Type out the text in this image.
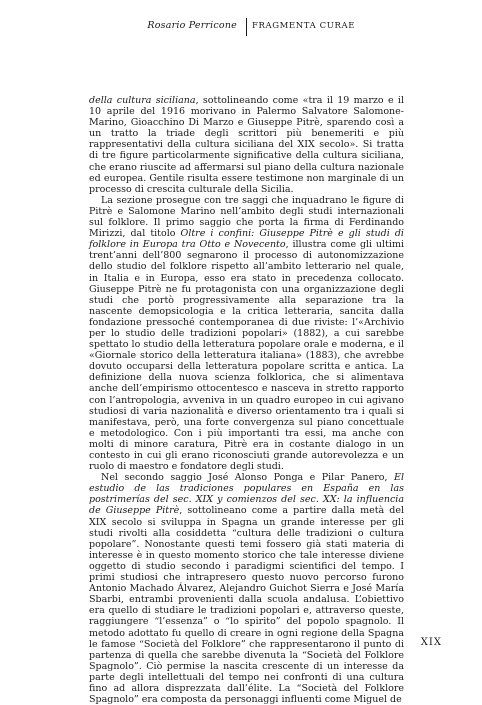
Rosario Perricone FRAGMENTA CURAE

della cultura siciliana, sottolineando come «tra il 19 marzo e il 10 aprile del 1916 morivano in Palermo Salvatore Salomone-Marino, Gioacchino Di Marzo e Giuseppe Pitrè, sparendo così a un tratto la triade degli scrittori più benemeriti e più rappresentativi della cultura siciliana del XIX secolo». Si tratta di tre figure particolarmente significative della cultura siciliana, che erano riuscite ad affermarsi sul piano della cultura nazionale ed europea. Gentile risulta essere testimone non marginale di un processo di crescita culturale della Sicilia.

La sezione prosegue con tre saggi che inquadrano le figure di Pitrè e Salomone Marino nell’ambito degli studi internazionali sul folklore. Il primo saggio che porta la firma di Ferdinando Mirizzi, dal titolo Oltre i confini: Giuseppe Pitrè e gli studi di folklore in Europa tra Otto e Novecento, illustra come gli ultimi trent’anni dell’800 segnarono il processo di autonomizzazione dello studio del folklore rispetto all’ambito letterario nel quale, in Italia e in Europa, esso era stato in precedenza collocato. Giuseppe Pitrè ne fu protagonista con una organizzazione degli studi che portò progressivamente alla separazione tra la nascente demopsicologia e la critica letteraria, sancita dalla fondazione pressoché contemporanea di due riviste: l’«Archivio per lo studio delle tradizioni popolari» (1882), a cui sarebbe spettato lo studio della letteratura popolare orale e moderna, e il «Giornale storico della letteratura italiana» (1883), che avrebbe dovuto occuparsi della letteratura popolare scritta e antica. La definizione della nuova scienza folklorica, che si alimentava anche dell’empirismo ottocentesco e nasceva in stretto rapporto con l’antropologia, avveniva in un quadro europeo in cui agivano studiosi di varia nazionalità e diverso orientamento tra i quali si manifestava, però, una forte convergenza sul piano concettuale e metodologico. Con i più importanti tra essi, ma anche con molti di minore caratura, Pitrè era in costante dialogo in un contesto in cui gli erano riconosciuti grande autorevolezza e un ruolo di maestro e fondatore degli studi.

Nel secondo saggio José Alonso Ponga e Pilar Panero, El estudio de las tradiciones populares en España en las postrimerías del sec. XIX y comienzos del sec. XX: la influencia de Giuseppe Pitrè, sottolineano come a partire dalla metà del XIX secolo si sviluppa in Spagna un grande interesse per gli studi rivolti alla cosiddetta “cultura delle tradizioni o cultura popolare”. Nonostante questi temi fossero già stati materia di interesse è in questo momento storico che tale interesse diviene oggetto di studio secondo i paradigmi scientifici del tempo. I primi studiosi che intrapresero questo nuovo percorso furono Antonio Machado Álvarez, Alejandro Guichot Sierra e José María Sbarbi, entrambi provenienti dalla scuola andalusa. L’obiettivo era quello di studiare le tradizioni popolari e, attraverso queste, raggiungere “l’essenza” o “lo spirito” del popolo spagnolo. Il metodo adottato fu quello di creare in ogni regione della Spagna le famose “Società del Folklore” che rappresentarono il punto di partenza di quella che sarebbe divenuta la “Società del Folklore Spagnolo”. Ciò permise la nascita crescente di un interesse da parte degli intellettuali del tempo nei confronti di una cultura fino ad allora disprezzata dall’élite. La “Società del Folklore Spagnolo” era composta da personaggi influenti come Miguel de

XIX
